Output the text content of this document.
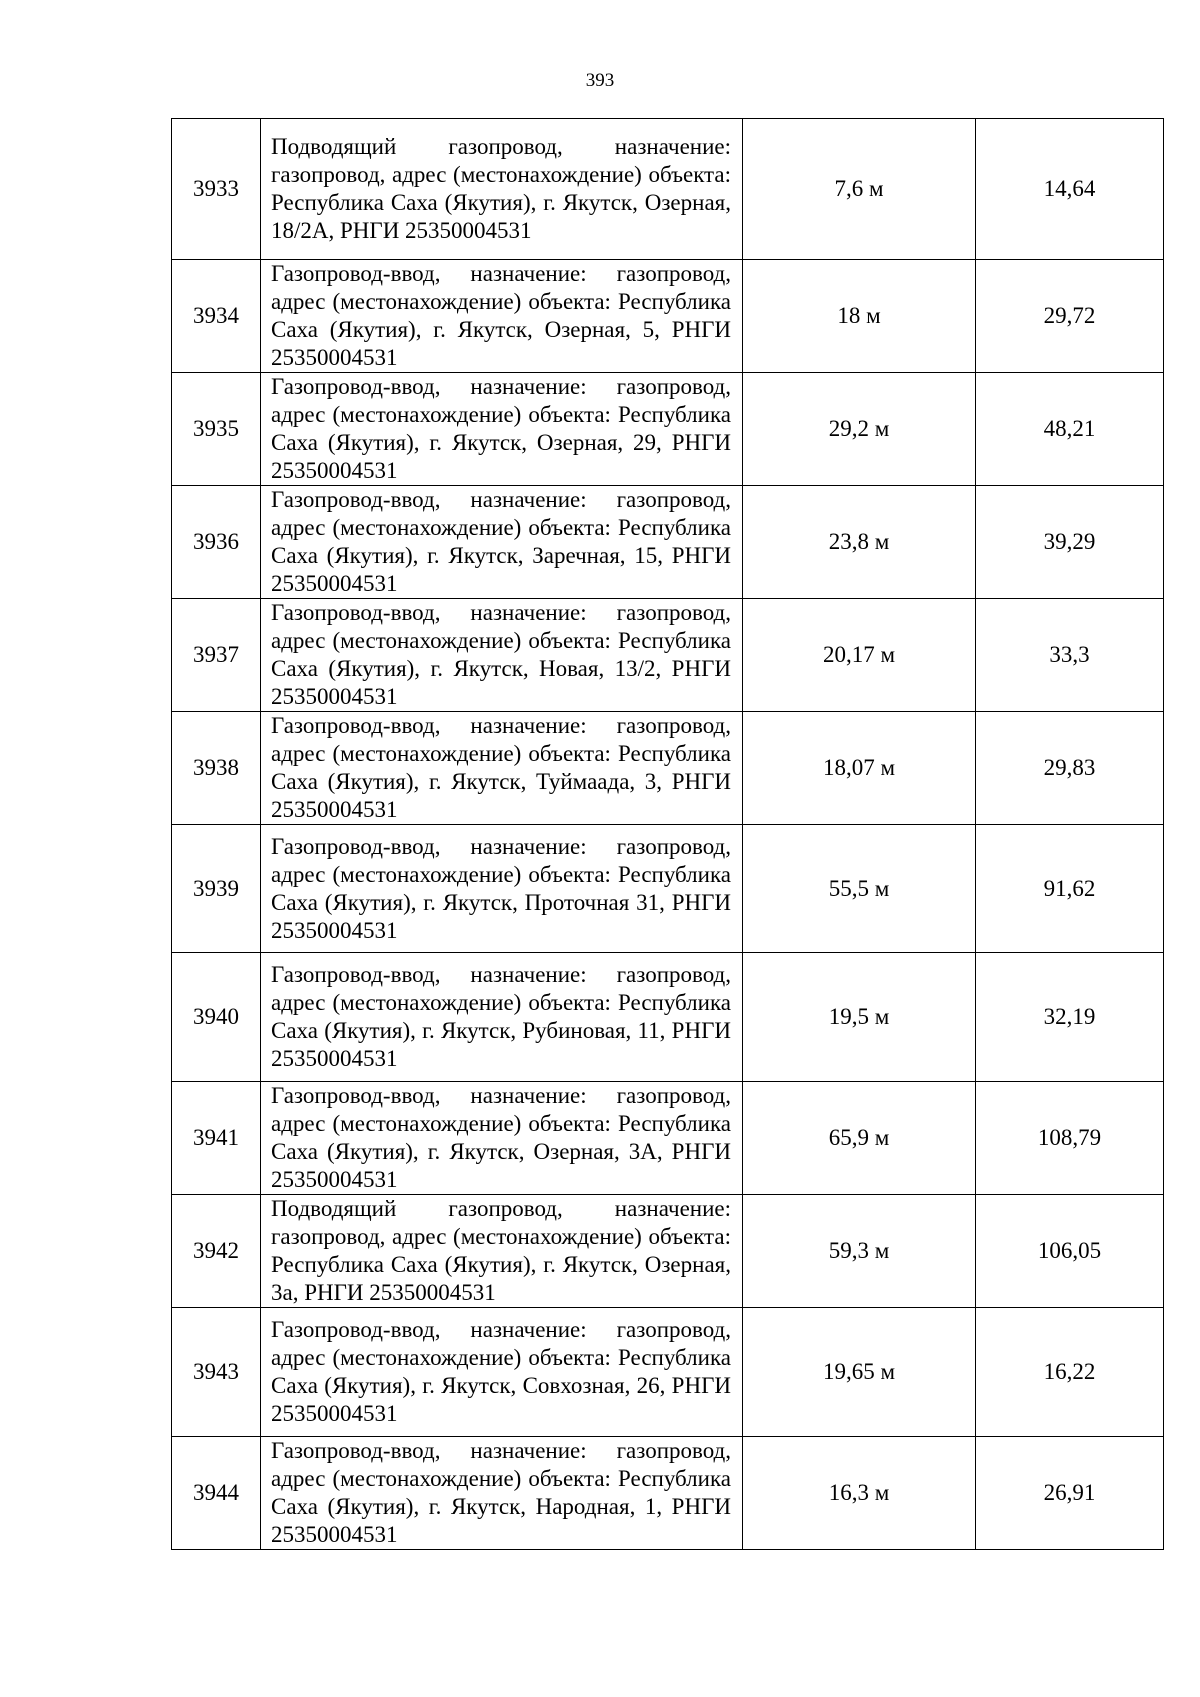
393
3933	Подводящий газопровод, назначение: газопровод, адрес (местонахождение) объекта: Республика Саха (Якутия), г. Якутск, Озерная, 18/2А, РНГИ 25350004531	7,6 м	14,64
3934	Газопровод-ввод, назначение: газопровод, адрес (местонахождение) объекта: Республика Саха (Якутия), г. Якутск, Озерная, 5, РНГИ 25350004531	18 м	29,72
3935	Газопровод-ввод, назначение: газопровод, адрес (местонахождение) объекта: Республика Саха (Якутия), г. Якутск, Озерная, 29, РНГИ 25350004531	29,2 м	48,21
3936	Газопровод-ввод, назначение: газопровод, адрес (местонахождение) объекта: Республика Саха (Якутия), г. Якутск, Заречная, 15, РНГИ 25350004531	23,8 м	39,29
3937	Газопровод-ввод, назначение: газопровод, адрес (местонахождение) объекта: Республика Саха (Якутия), г. Якутск, Новая, 13/2, РНГИ 25350004531	20,17 м	33,3
3938	Газопровод-ввод, назначение: газопровод, адрес (местонахождение) объекта: Республика Саха (Якутия), г. Якутск, Туймаада, 3, РНГИ 25350004531	18,07 м	29,83
3939	Газопровод-ввод, назначение: газопровод, адрес (местонахождение) объекта: Республика Саха (Якутия), г. Якутск, Проточная 31, РНГИ 25350004531	55,5 м	91,62
3940	Газопровод-ввод, назначение: газопровод, адрес (местонахождение) объекта: Республика Саха (Якутия), г. Якутск, Рубиновая, 11, РНГИ 25350004531	19,5 м	32,19
3941	Газопровод-ввод, назначение: газопровод, адрес (местонахождение) объекта: Республика Саха (Якутия), г. Якутск, Озерная, 3А, РНГИ 25350004531	65,9 м	108,79
3942	Подводящий газопровод, назначение: газопровод, адрес (местонахождение) объекта: Республика Саха (Якутия), г. Якутск, Озерная, 3а, РНГИ 25350004531	59,3 м	106,05
3943	Газопровод-ввод, назначение: газопровод, адрес (местонахождение) объекта: Республика Саха (Якутия), г. Якутск, Совхозная, 26, РНГИ 25350004531	19,65 м	16,22
3944	Газопровод-ввод, назначение: газопровод, адрес (местонахождение) объекта: Республика Саха (Якутия), г. Якутск, Народная, 1, РНГИ 25350004531	16,3 м	26,91
